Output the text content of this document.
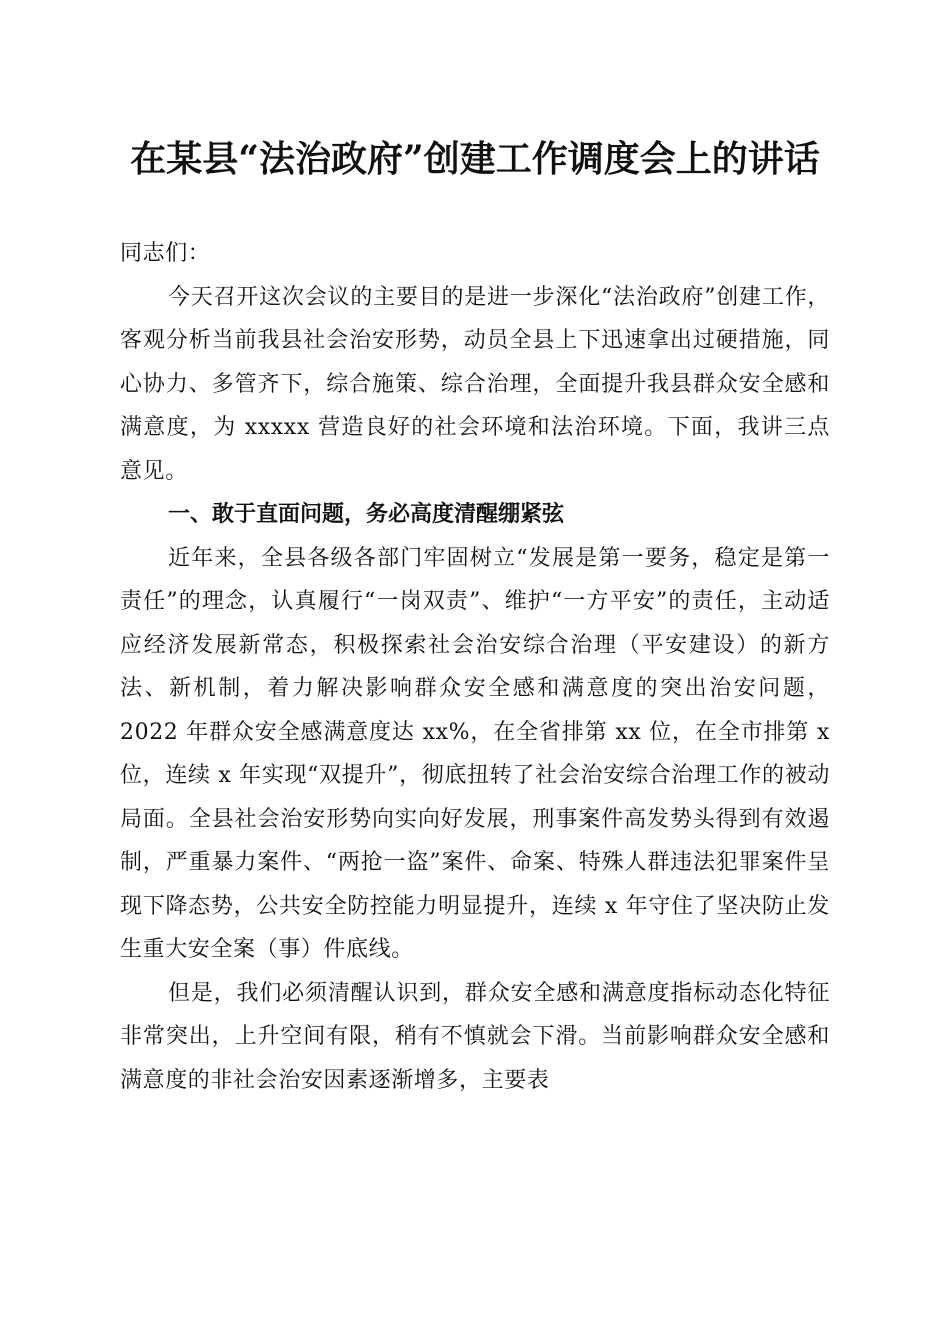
在某县“法治政府”创建工作调度会上的讲话

同志们：

今天召开这次会议的主要目的是进一步深化“法治政府”创建工作，客观分析当前我县社会治安形势，动员全县上下迅速拿出过硬措施，同心协力、多管齐下，综合施策、综合治理，全面提升我县群众安全感和满意度，为 xxxxx 营造良好的社会环境和法治环境。下面，我讲三点意见。

一、敢于直面问题，务必高度清醒绷紧弦

近年来，全县各级各部门牢固树立“发展是第一要务，稳定是第一责任”的理念，认真履行“一岗双责”、维护“一方平安”的责任，主动适应经济发展新常态，积极探索社会治安综合治理（平安建设）的新方法、新机制，着力解决影响群众安全感和满意度的突出治安问题，2022 年群众安全感满意度达 xx%，在全省排第 xx 位，在全市排第 x 位，连续 x 年实现“双提升”，彻底扭转了社会治安综合治理工作的被动局面。全县社会治安形势向实向好发展，刑事案件高发势头得到有效遏制，严重暴力案件、“两抢一盗”案件、命案、特殊人群违法犯罪案件呈现下降态势，公共安全防控能力明显提升，连续 x 年守住了坚决防止发生重大安全案（事）件底线。

但是，我们必须清醒认识到，群众安全感和满意度指标动态化特征非常突出，上升空间有限，稍有不慎就会下滑。当前影响群众安全感和满意度的非社会治安因素逐渐增多，主要表
